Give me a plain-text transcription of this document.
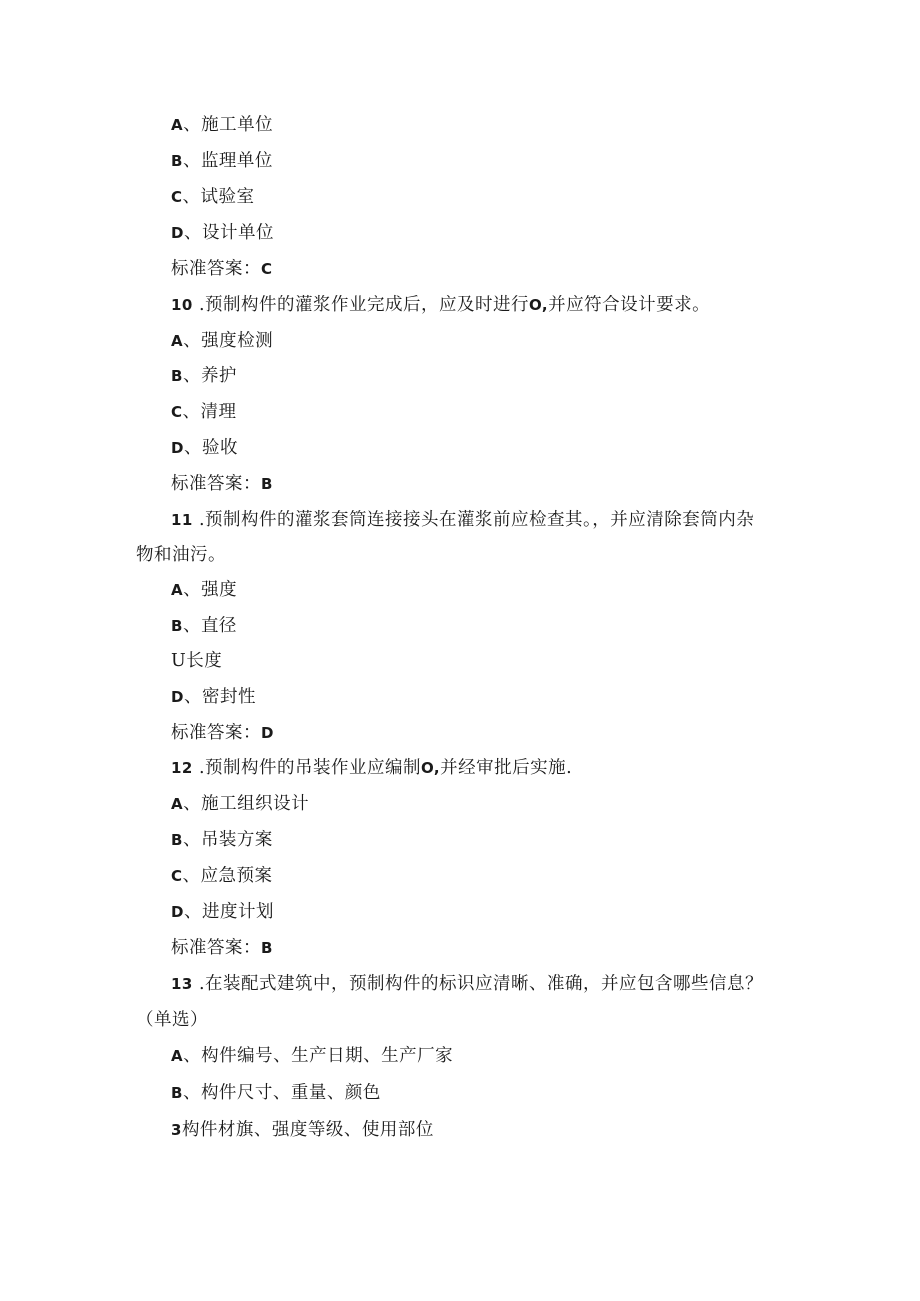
A、施工单位
B、监理单位
C、试验室
D、设计单位
标准答案：C
10 .预制构件的灌浆作业完成后，应及时进行O,并应符合设计要求。
A、强度检测
B、养护
C、清理
D、验收
标准答案：B
11 .预制构件的灌浆套筒连接接头在灌浆前应检查其。，并应清除套筒内杂
物和油污。
A、强度
B、直径
U长度
D、密封性
标准答案：D
12 .预制构件的吊装作业应编制O,并经审批后实施.
A、施工组织设计
B、吊装方案
C、应急预案
D、进度计划
标准答案：B
13 .在装配式建筑中，预制构件的标识应清晰、准确，并应包含哪些信息？
（单选）
A、构件编号、生产日期、生产厂家
B、构件尺寸、重量、颜色
3构件材旗、强度等级、使用部位
